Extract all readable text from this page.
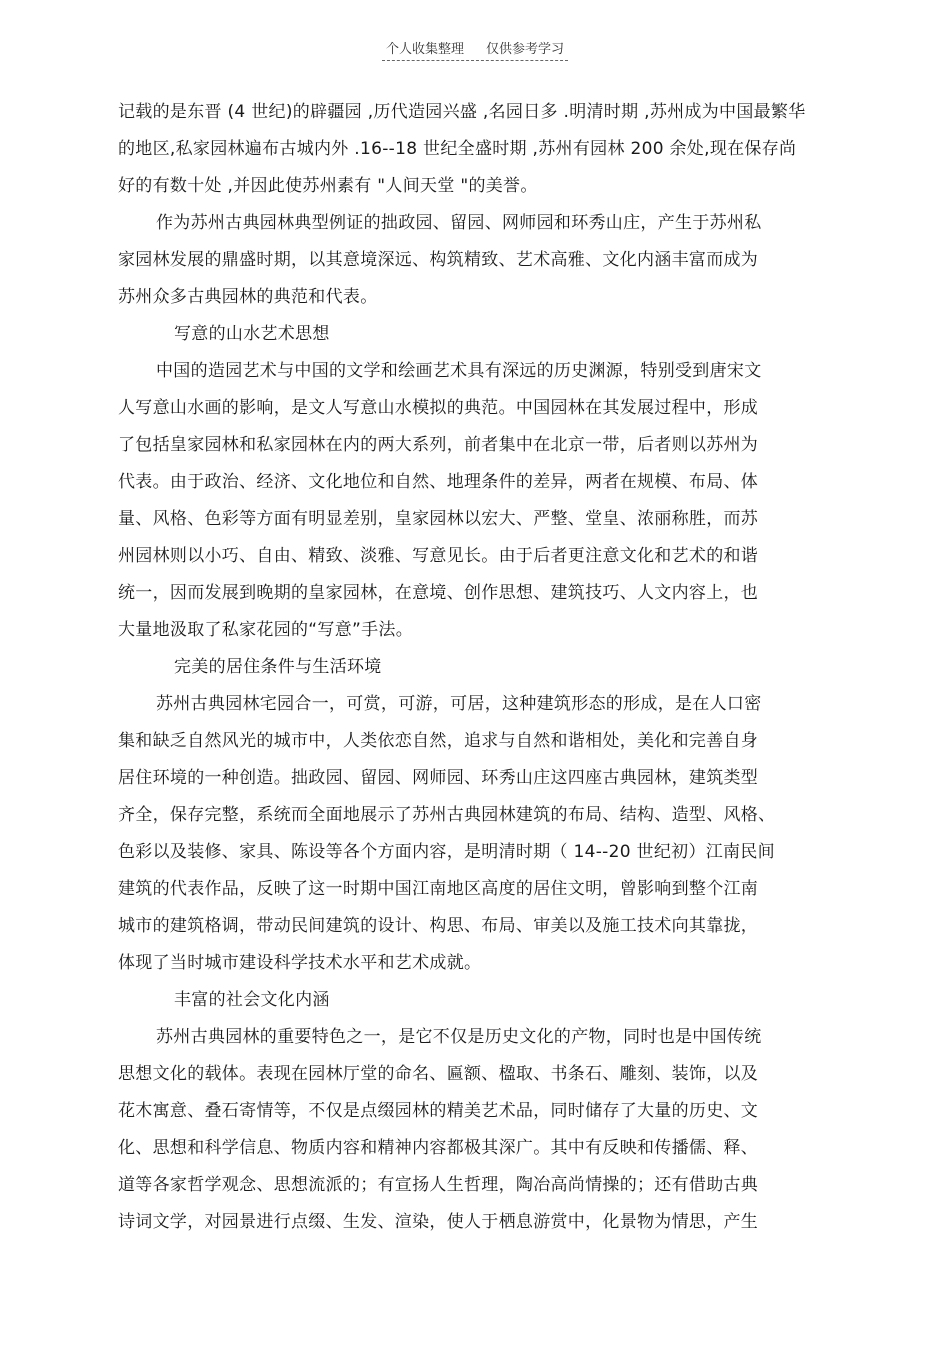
个人收集整理 仅供参考学习
记载的是东晋 (4 世纪)的辟疆园 ,历代造园兴盛 ,名园日多 .明清时期 ,苏州成为中国最繁华
的地区,私家园林遍布古城内外 .16--18 世纪全盛时期 ,苏州有园林 200 余处,现在保存尚
好的有数十处 ,并因此使苏州素有 "人间天堂 "的美誉。
作为苏州古典园林典型例证的拙政园、留园、网师园和环秀山庄，产生于苏州私
家园林发展的鼎盛时期，以其意境深远、构筑精致、艺术高雅、文化内涵丰富而成为
苏州众多古典园林的典范和代表。
写意的山水艺术思想
中国的造园艺术与中国的文学和绘画艺术具有深远的历史渊源，特别受到唐宋文
人写意山水画的影响，是文人写意山水模拟的典范。中国园林在其发展过程中，形成
了包括皇家园林和私家园林在内的两大系列，前者集中在北京一带，后者则以苏州为
代表。由于政治、经济、文化地位和自然、地理条件的差异，两者在规模、布局、体
量、风格、色彩等方面有明显差别，皇家园林以宏大、严整、堂皇、浓丽称胜，而苏
州园林则以小巧、自由、精致、淡雅、写意见长。由于后者更注意文化和艺术的和谐
统一，因而发展到晚期的皇家园林，在意境、创作思想、建筑技巧、人文内容上，也
大量地汲取了私家花园的“写意”手法。
完美的居住条件与生活环境
苏州古典园林宅园合一，可赏，可游，可居，这种建筑形态的形成，是在人口密
集和缺乏自然风光的城市中，人类依恋自然，追求与自然和谐相处，美化和完善自身
居住环境的一种创造。拙政园、留园、网师园、环秀山庄这四座古典园林，建筑类型
齐全，保存完整，系统而全面地展示了苏州古典园林建筑的布局、结构、造型、风格、
色彩以及装修、家具、陈设等各个方面内容，是明清时期（ 14--20 世纪初）江南民间
建筑的代表作品，反映了这一时期中国江南地区高度的居住文明，曾影响到整个江南
城市的建筑格调，带动民间建筑的设计、构思、布局、审美以及施工技术向其靠拢，
体现了当时城市建设科学技术水平和艺术成就。
丰富的社会文化内涵
苏州古典园林的重要特色之一，是它不仅是历史文化的产物，同时也是中国传统
思想文化的载体。表现在园林厅堂的命名、匾额、楹取、书条石、雕刻、装饰，以及
花木寓意、叠石寄情等，不仅是点缀园林的精美艺术品，同时储存了大量的历史、文
化、思想和科学信息、物质内容和精神内容都极其深广。其中有反映和传播儒、释、
道等各家哲学观念、思想流派的；有宣扬人生哲理，陶冶高尚情操的；还有借助古典
诗词文学，对园景进行点缀、生发、渲染，使人于栖息游赏中，化景物为情思，产生
